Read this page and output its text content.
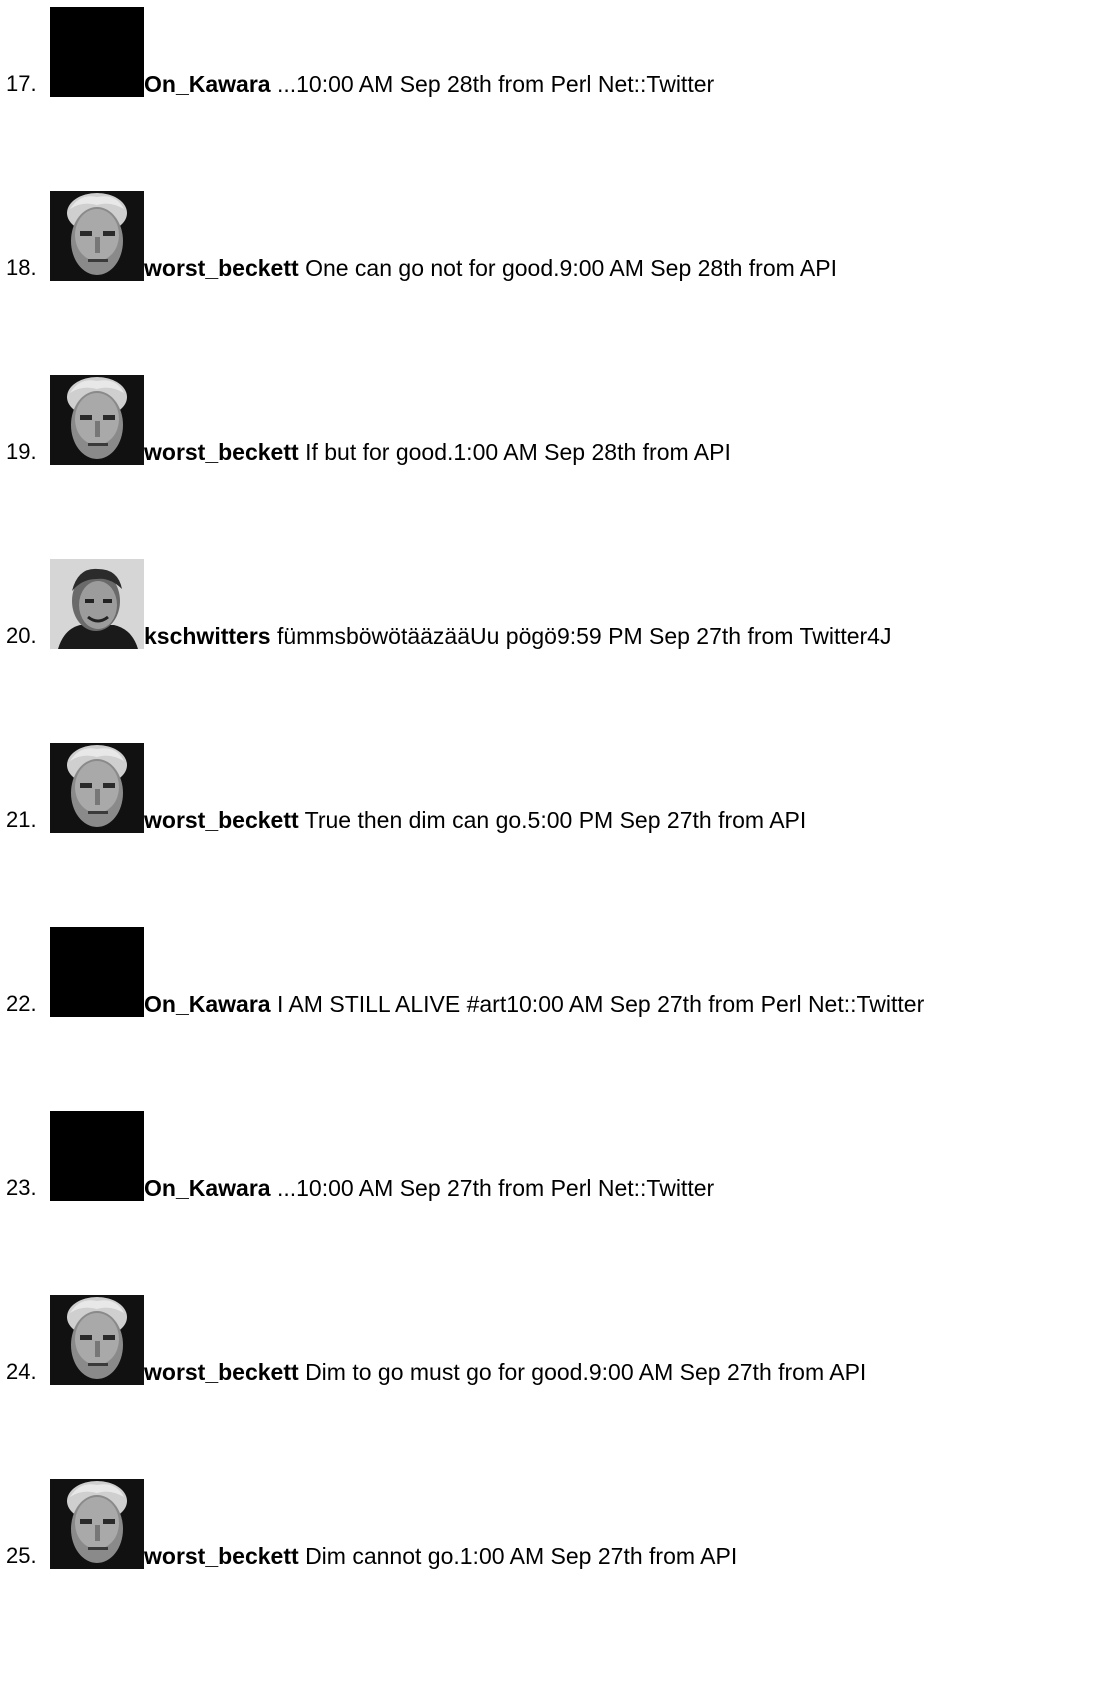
17.	On_Kawara ...10:00 AM Sep 28th from Perl Net::Twitter
18.	worst_beckett One can go not for good.9:00 AM Sep 28th from API
19.	worst_beckett If but for good.1:00 AM Sep 28th from API
20.	kschwitters fümmsböwötääzääUu pögö9:59 PM Sep 27th from Twitter4J
21.	worst_beckett True then dim can go.5:00 PM Sep 27th from API
22.	On_Kawara I AM STILL ALIVE #art10:00 AM Sep 27th from Perl Net::Twitter
23.	On_Kawara ...10:00 AM Sep 27th from Perl Net::Twitter
24.	worst_beckett Dim to go must go for good.9:00 AM Sep 27th from API
25.	worst_beckett Dim cannot go.1:00 AM Sep 27th from API
